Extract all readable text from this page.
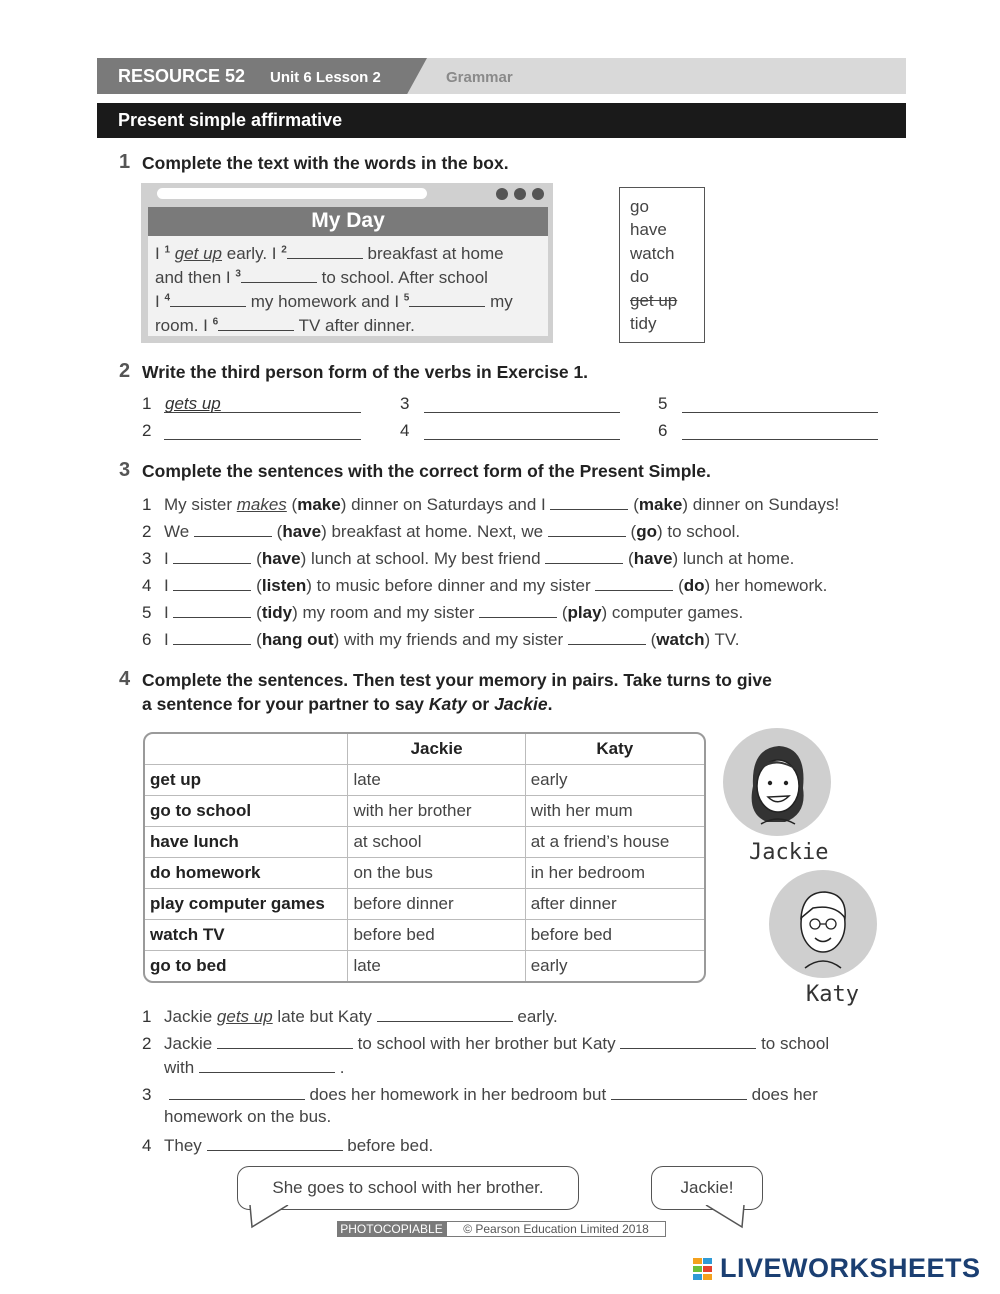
RESOURCE 52 Unit 6 Lesson 2	Grammar
Present simple affirmative
1 Complete the text with the words in the box.
My Day
I $^1$ get up early. I $^2$	breakfast at home
and then I $^3$	to school. After school
I $^4$	my homework and I $^5$	my
room. I $^6$	TV after dinner.
go
have
watch
do
get up
tidy
2 Write the third person form of the verbs in Exercise 1.
1 gets up
2
3
4
5
6
3 Complete the sentences with the correct form of the Present Simple.
1 My sister makes (make) dinner on Saturdays and I	(make) dinner on Sundays!
2 We	(have) breakfast at home. Next, we	(go) to school.
3 I	(have) lunch at school. My best friend	(have) lunch at home.
4 I	(listen) to music before dinner and my sister	(do) her homework.
5 I	(tidy) my room and my sister	(play) computer games.
6 I	(hang out) with my friends and my sister	(watch) TV.
4 Complete the sentences. Then test your memory in pairs. Take turns to give
a sentence for your partner to say Katy or Jackie.
	Jackie	Katy
get up	late	early
go to school	with her brother	with her mum
have lunch	at school	at a friend’s house
do homework	on the bus	in her bedroom
play computer games	before dinner	after dinner
watch TV	before bed	before bed
go to bed	late	early
Jackie
Katy
1 Jackie gets up late but Katy	early.
2 Jackie	to school with her brother but Katy	to school
with	.
3	does her homework in her bedroom but	does her
homework on the bus.
4 They	before bed.
She goes to school with her brother.	Jackie!
PHOTOCOPIABLE	© Pearson Education Limited 2018
LIVEWORKSHEETS
